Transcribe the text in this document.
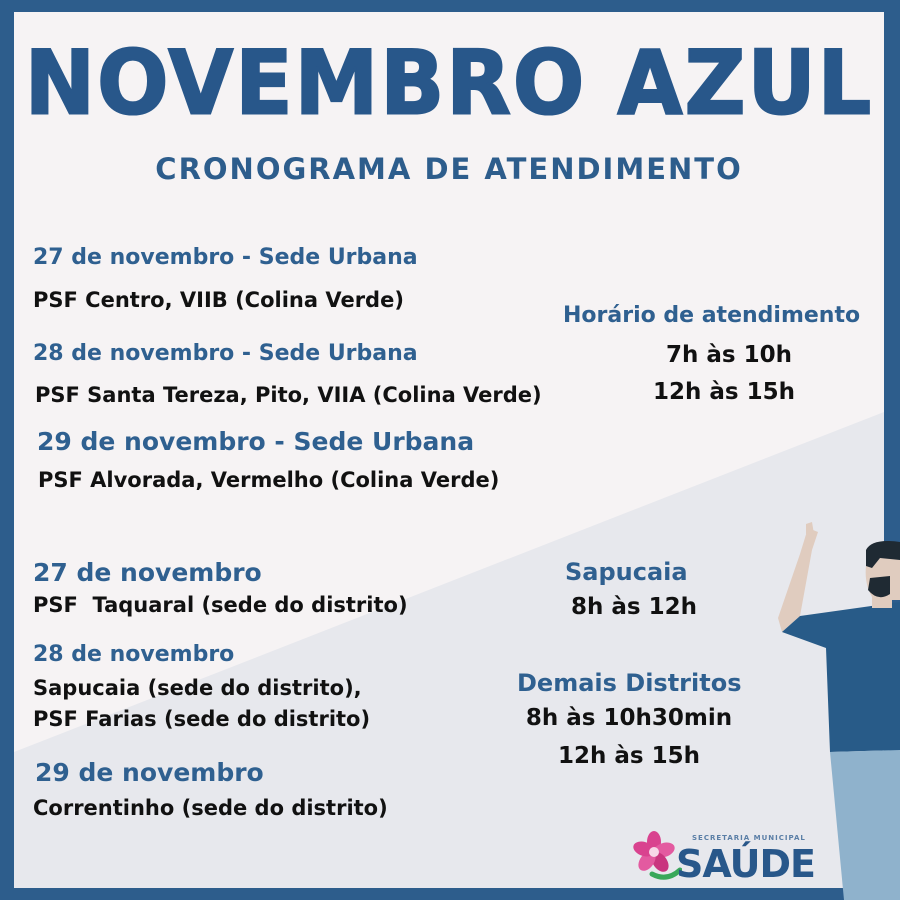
NOVEMBRO AZUL
CRONOGRAMA DE ATENDIMENTO
27 de novembro - Sede Urbana
PSF Centro, VIIB (Colina Verde)
28 de novembro - Sede Urbana
PSF Santa Tereza, Pito, VIIA (Colina Verde)
29 de novembro - Sede Urbana
PSF Alvorada, Vermelho (Colina Verde)
Horário de atendimento
7h às 10h
12h às 15h
27 de novembro
PSF  Taquaral (sede do distrito)
28 de novembro
Sapucaia (sede do distrito),
PSF Farias (sede do distrito)
29 de novembro
Correntinho (sede do distrito)
Sapucaia
8h às 12h
Demais Distritos
8h às 10h30min
12h às 15h
SECRETARIA MUNICIPAL
SAÚDE
